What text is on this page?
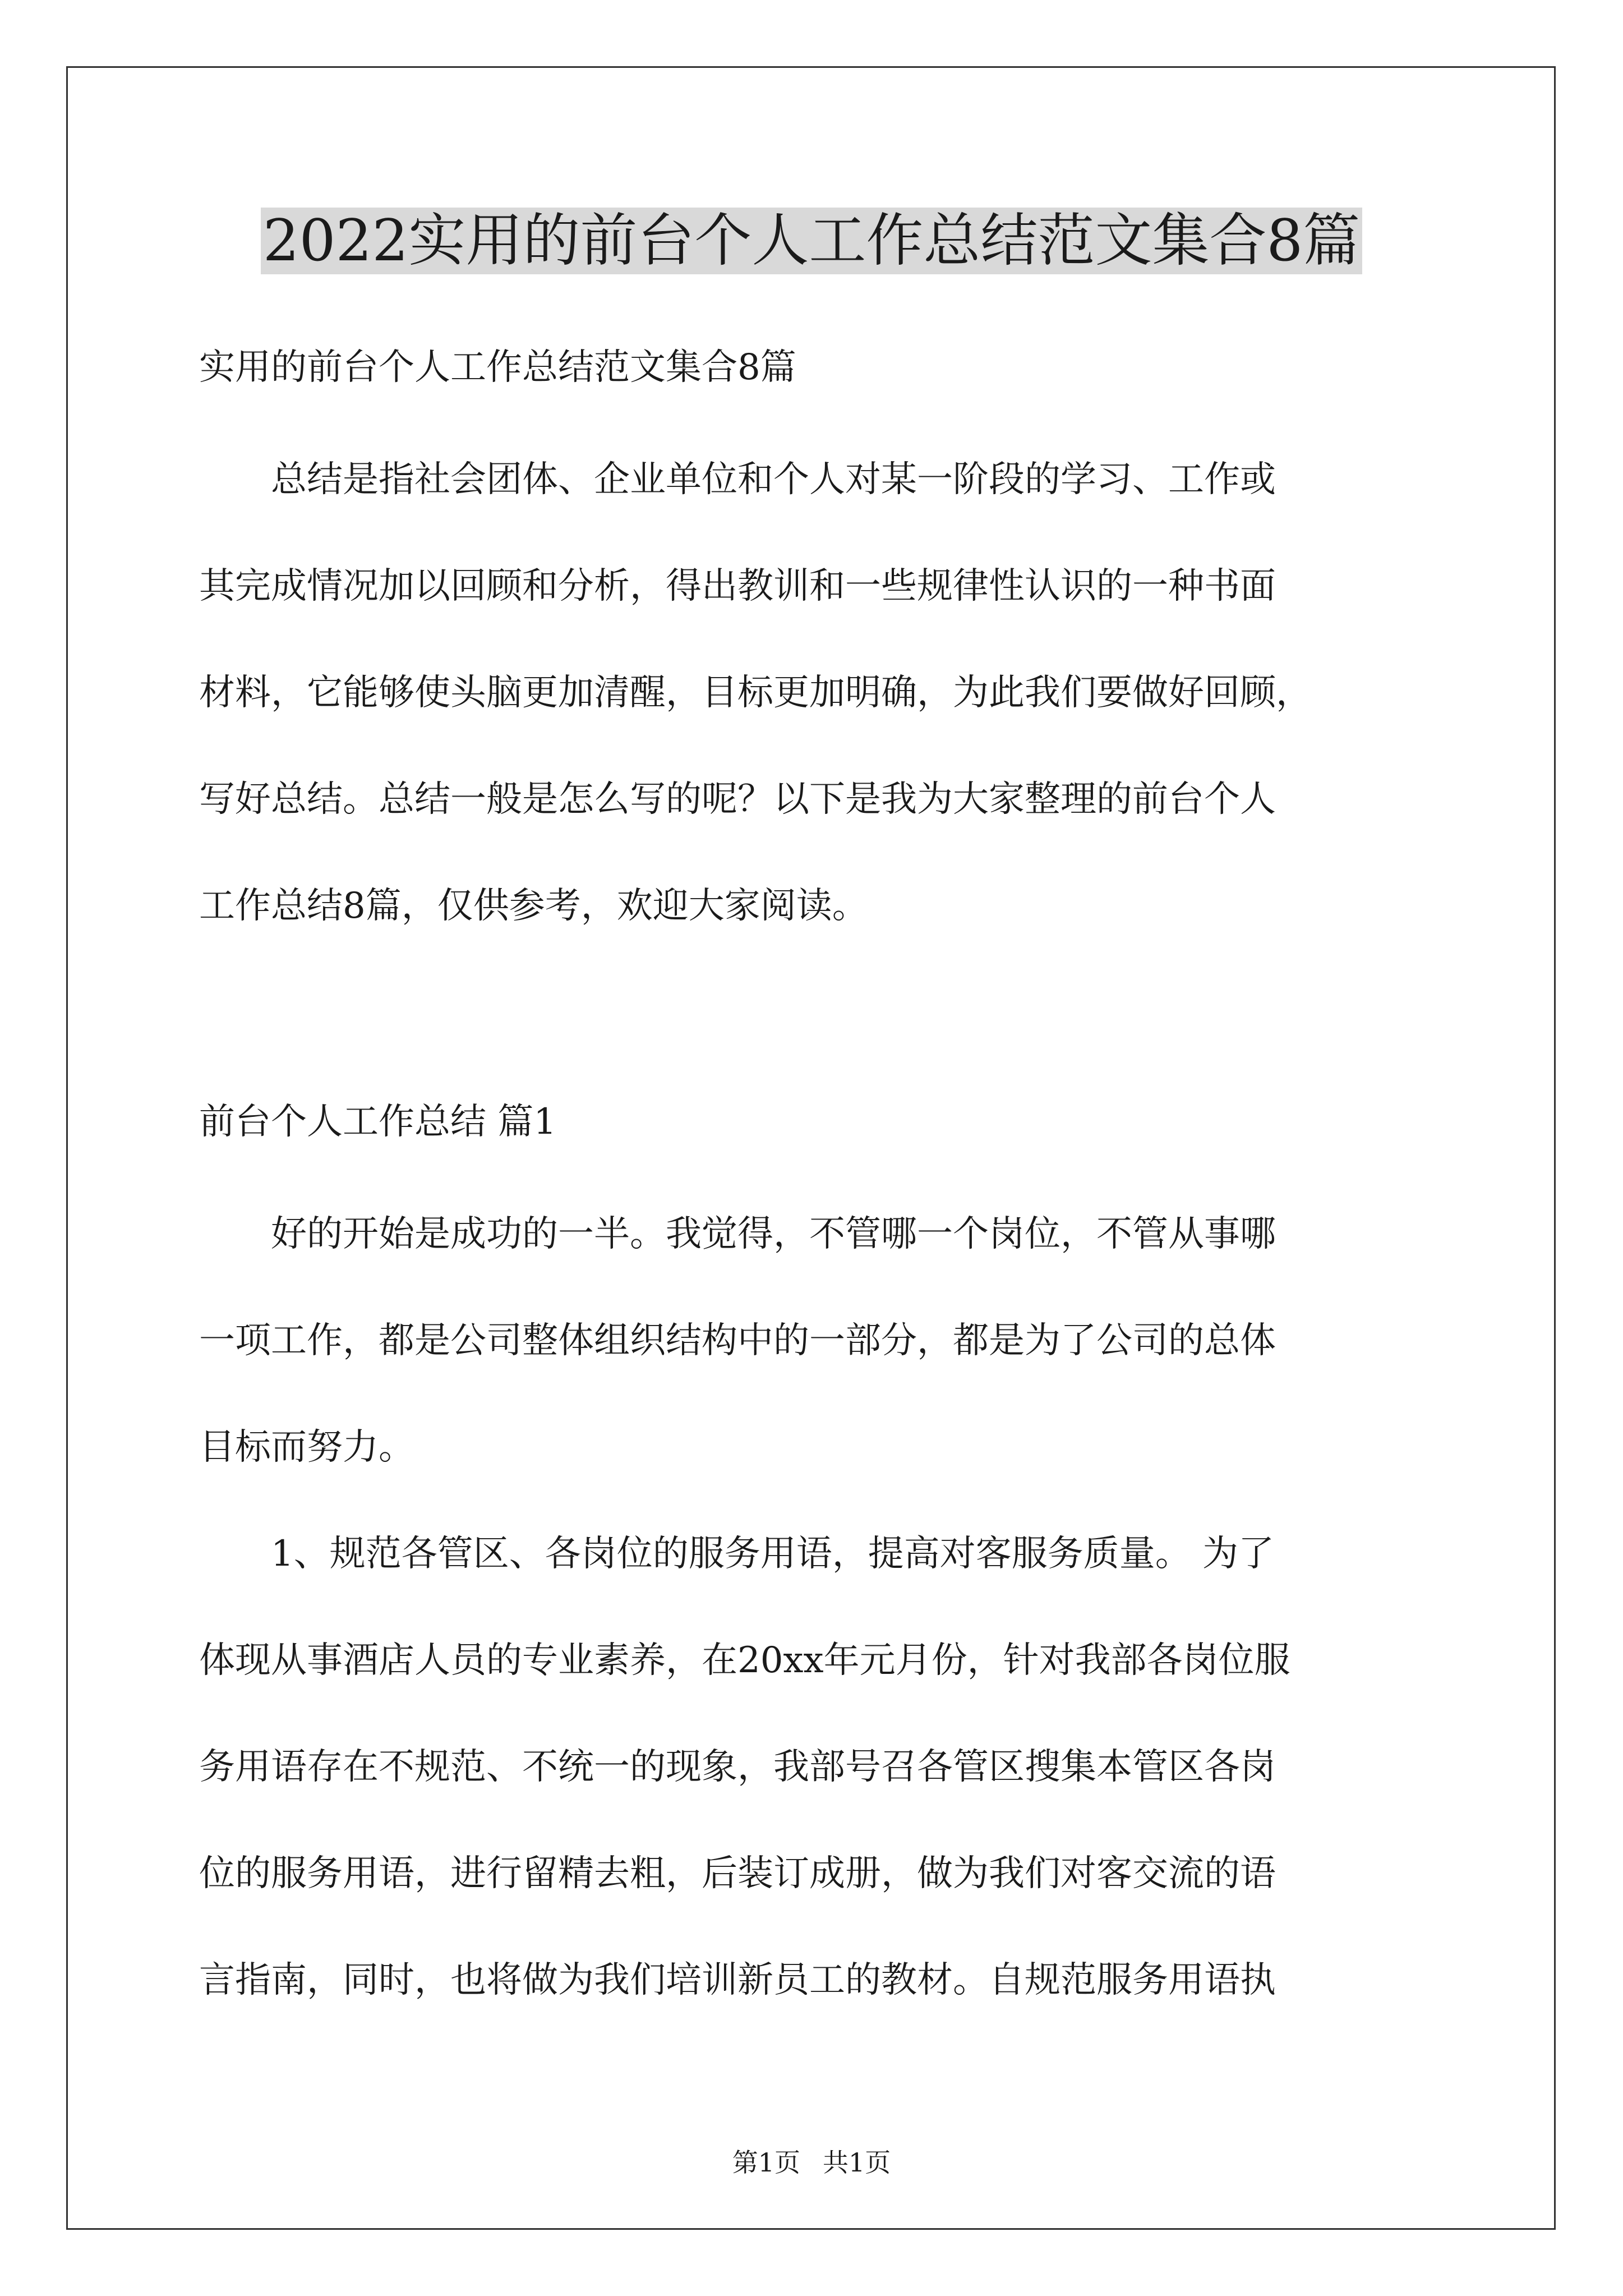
2022实用的前台个人工作总结范文集合8篇

实用的前台个人工作总结范文集合8篇

　　总结是指社会团体、企业单位和个人对某一阶段的学习、工作或

其完成情况加以回顾和分析，得出教训和一些规律性认识的一种书面

材料，它能够使头脑更加清醒，目标更加明确，为此我们要做好回顾，

写好总结。总结一般是怎么写的呢？以下是我为大家整理的前台个人

工作总结8篇，仅供参考，欢迎大家阅读。

前台个人工作总结 篇1

　　好的开始是成功的一半。我觉得，不管哪一个岗位，不管从事哪

一项工作，都是公司整体组织结构中的一部分，都是为了公司的总体

目标而努力。

　　1、规范各管区、各岗位的服务用语，提高对客服务质量。 为了

体现从事酒店人员的专业素养，在20xx年元月份，针对我部各岗位服

务用语存在不规范、不统一的现象，我部号召各管区搜集本管区各岗

位的服务用语，进行留精去粗，后装订成册，做为我们对客交流的语

言指南，同时，也将做为我们培训新员工的教材。自规范服务用语执

第1页 共1页
